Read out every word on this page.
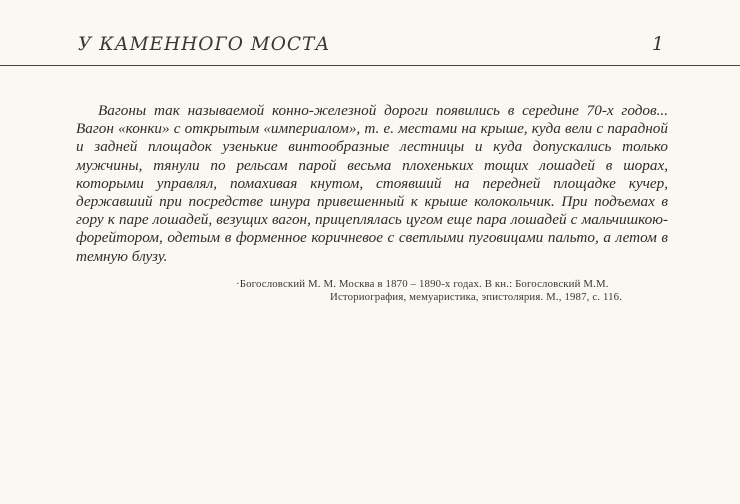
У КАМЕННОГО МОСТА	1
Вагоны так называемой конно-железной дороги появились в середине 70-х годов... Вагон «конки» с открытым «империалом», т. е. местами на крыше, куда вели с парадной и задней площадок узенькие винтообразные лестницы и куда допускались только мужчины, тянули по рельсам парой весьма плохеньких тощих лошадей в шорах, которыми управлял, помахивая кнутом, стоявший на передней площадке кучер, державший при посредстве шнура привешенный к крыше колокольчик. При подъемах в гору к паре лошадей, везущих вагон, прицеплялась цугом еще пара лошадей с мальчишкою-форейтором, одетым в форменное коричневое с светлыми пуговицами пальто, а летом в темную блузу.
·Богословский М. М. Москва в 1870 – 1890-х годах. В кн.: Богословский М.М.
Историография, мемуаристика, эпистолярия. М., 1987, с. 116.
